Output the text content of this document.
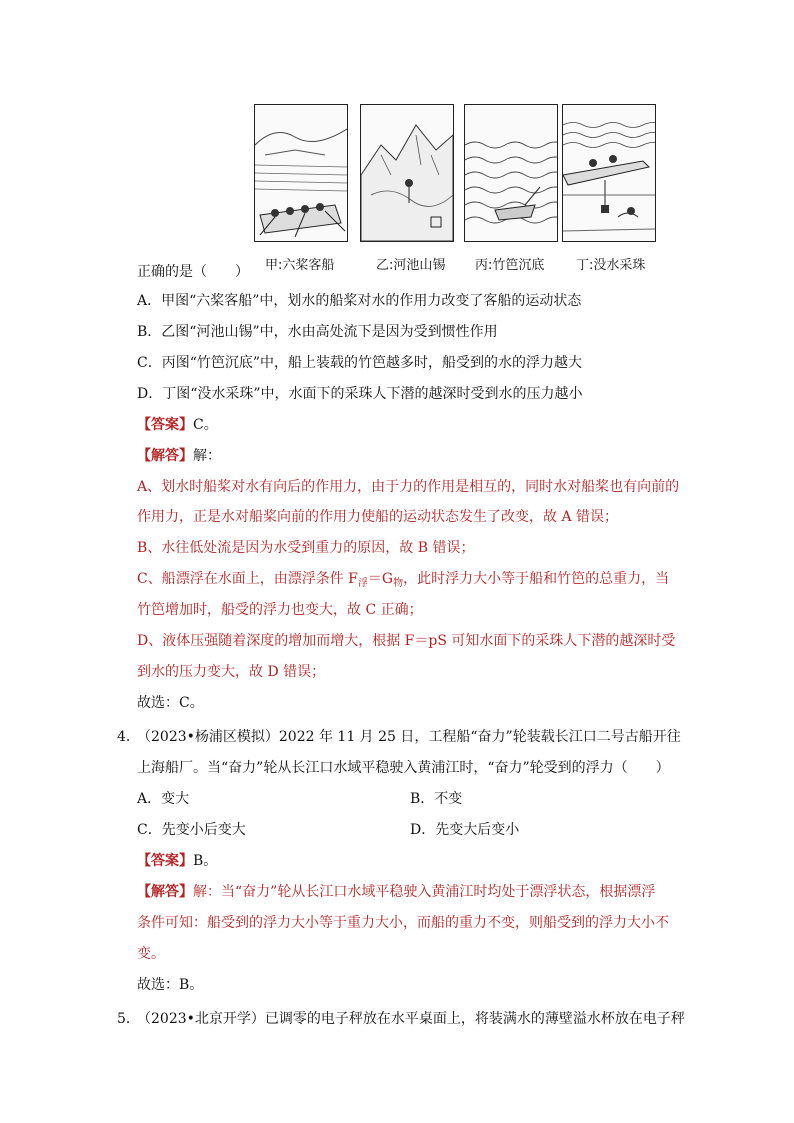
甲:六桨客船	乙:河池山锡 丙:竹笆沉底 丁:没水采珠
正确的是（　　）
A．甲图“六桨客船”中，划水的船桨对水的作用力改变了客船的运动状态
B．乙图“河池山锡”中，水由高处流下是因为受到惯性作用
C．丙图“竹笆沉底”中，船上装载的竹笆越多时，船受到的水的浮力越大
D．丁图“没水采珠”中，水面下的采珠人下潜的越深时受到水的压力越小
【答案】C。
【解答】解：
A、划水时船桨对水有向后的作用力，由于力的作用是相互的，同时水对船桨也有向前的
作用力，正是水对船桨向前的作用力使船的运动状态发生了改变，故 A 错误；
B、水往低处流是因为水受到重力的原因，故 B 错误；
C、船漂浮在水面上，由漂浮条件 $F_浮=G_物$，此时浮力大小等于船和竹笆的总重力，当
竹笆增加时，船受的浮力也变大，故 C 正确；
D、液体压强随着深度的增加而增大，根据 F＝pS 可知水面下的采珠人下潜的越深时受
到水的压力变大，故 D 错误；
故选：C。
4．
（2023•杨浦区模拟）2022 年 11 月 25 日，工程船“奋力”轮装载长江口二号古船开往
上海船厂。当“奋力”轮从长江口水域平稳驶入黄浦江时，“奋力”轮受到的浮力（　　）
A．变大	B．不变
C．先变小后变大	D．先变大后变小
【答案】B。
【解答】解：当“奋力”轮从长江口水域平稳驶入黄浦江时均处于漂浮状态，根据漂浮
条件可知：船受到的浮力大小等于重力大小，而船的重力不变，则船受到的浮力大小不
变。
故选：B。
5．
（2023•北京开学）已调零的电子秤放在水平桌面上，将装满水的薄壁溢水杯放在电子秤
